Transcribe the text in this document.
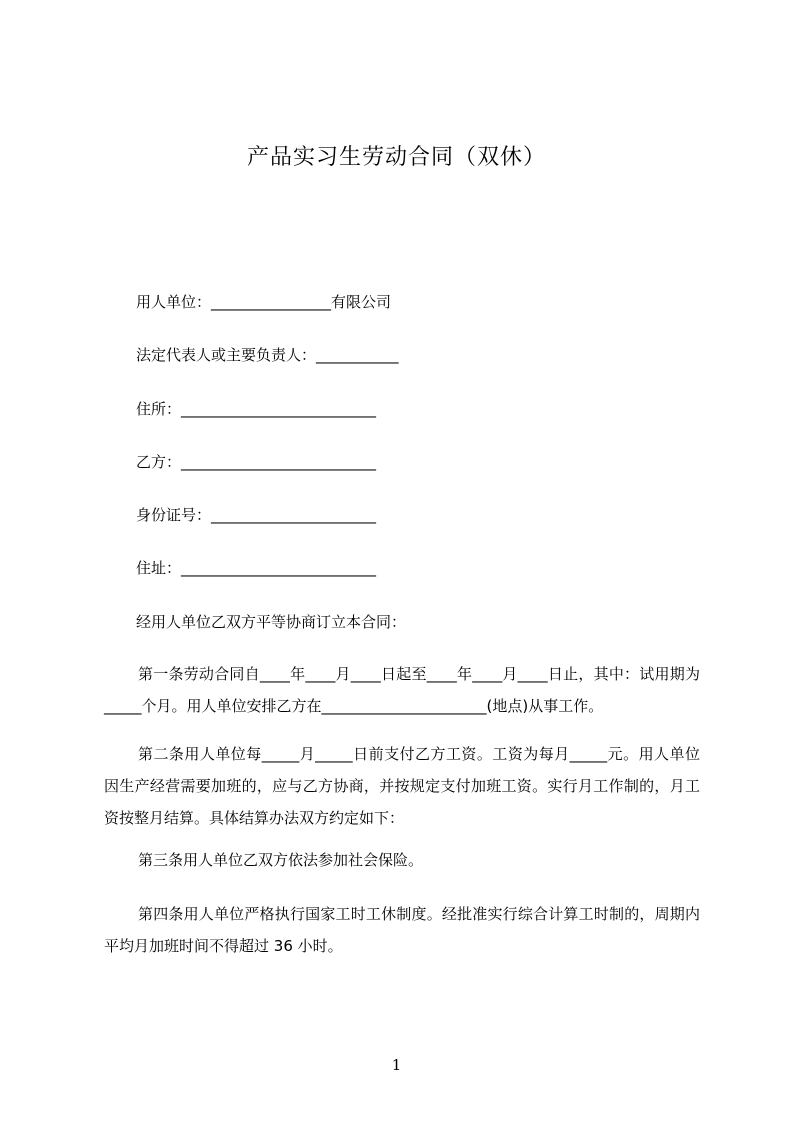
产品实习生劳动合同（双休）
用人单位：________________有限公司
法定代表人或主要负责人：___________
住所：__________________________
乙方：__________________________
身份证号：______________________
住址：__________________________
经用人单位乙双方平等协商订立本合同：
第一条劳动合同自____年____月____日起至____年____月____日止，其中：试用期为_____个月。用人单位安排乙方在______________________(地点)从事工作。
第二条用人单位每_____月_____日前支付乙方工资。工资为每月_____元。用人单位因生产经营需要加班的，应与乙方协商，并按规定支付加班工资。实行月工作制的，月工资按整月结算。具体结算办法双方约定如下：
第三条用人单位乙双方依法参加社会保险。
第四条用人单位严格执行国家工时工休制度。经批准实行综合计算工时制的，周期内平均月加班时间不得超过 36 小时。
1
